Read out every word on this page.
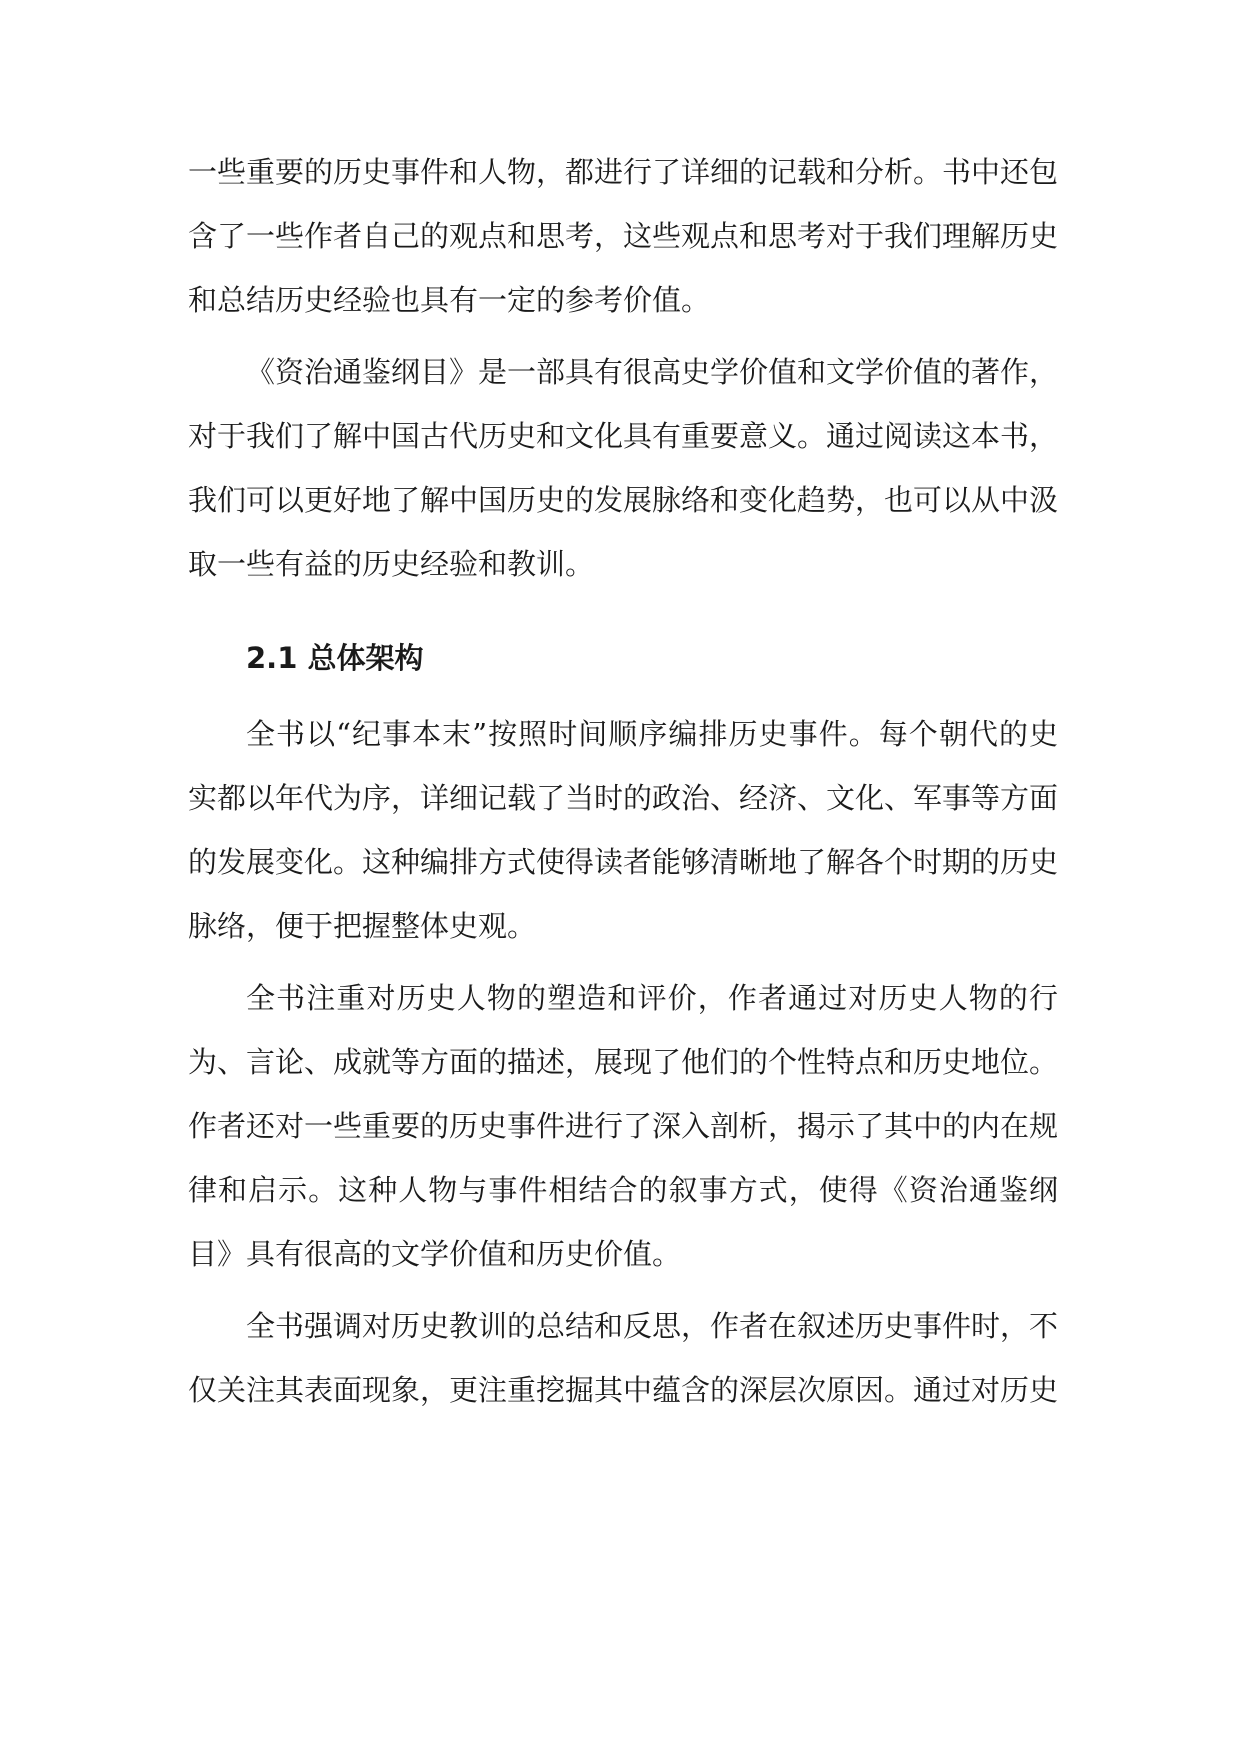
一些重要的历史事件和人物，都进行了详细的记载和分析。书中还包含了一些作者自己的观点和思考，这些观点和思考对于我们理解历史和总结历史经验也具有一定的参考价值。

《资治通鉴纲目》是一部具有很高史学价值和文学价值的著作，对于我们了解中国古代历史和文化具有重要意义。通过阅读这本书，我们可以更好地了解中国历史的发展脉络和变化趋势，也可以从中汲取一些有益的历史经验和教训。

2.1 总体架构

全书以“纪事本末”按照时间顺序编排历史事件。每个朝代的史实都以年代为序，详细记载了当时的政治、经济、文化、军事等方面的发展变化。这种编排方式使得读者能够清晰地了解各个时期的历史脉络，便于把握整体史观。

全书注重对历史人物的塑造和评价，作者通过对历史人物的行为、言论、成就等方面的描述，展现了他们的个性特点和历史地位。作者还对一些重要的历史事件进行了深入剖析，揭示了其中的内在规律和启示。这种人物与事件相结合的叙事方式，使得《资治通鉴纲目》具有很高的文学价值和历史价值。

全书强调对历史教训的总结和反思，作者在叙述历史事件时，不仅关注其表面现象，更注重挖掘其中蕴含的深层次原因。通过对历史
